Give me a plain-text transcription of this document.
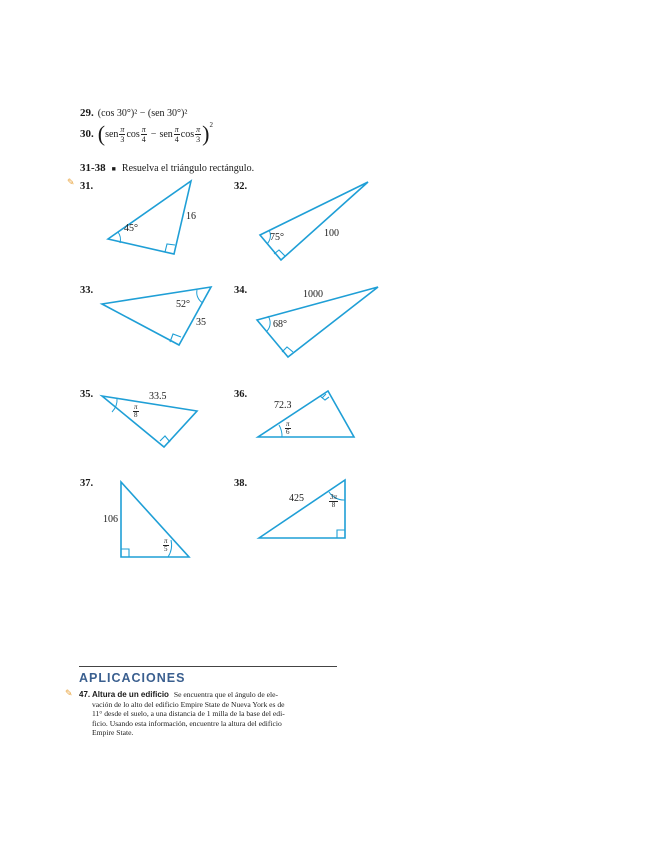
29. (cos 30°)² − (sen 30°)²
30. ( sen $\frac{\pi}{3}$ $\cos \frac{\pi}{4}$ − sen $\frac{\pi}{4}$ $\cos \frac{\pi}{3}$ ) 2
31-38 ■ Resuelva el triángulo rectángulo.
✎ 31.
45°
16
32.
75°	100
33.
52°
35
34.
68°
1000
35.	33.5
$\frac{\pi}{8}$
36.
72.3
$\frac{\pi}{6}$
37.
106
$\frac{\pi}{5}$
38.
425	$\frac{3\pi}{8}$
APLICACIONES
✎ 47. Altura de un edificio Se encuentra que el ángulo de ele-
vación de lo alto del edificio Empire State de Nueva York es de
11° desde el suelo, a una distancia de 1 milla de la base del edi-
ficio. Usando esta información, encuentre la altura del edificio
Empire State.
